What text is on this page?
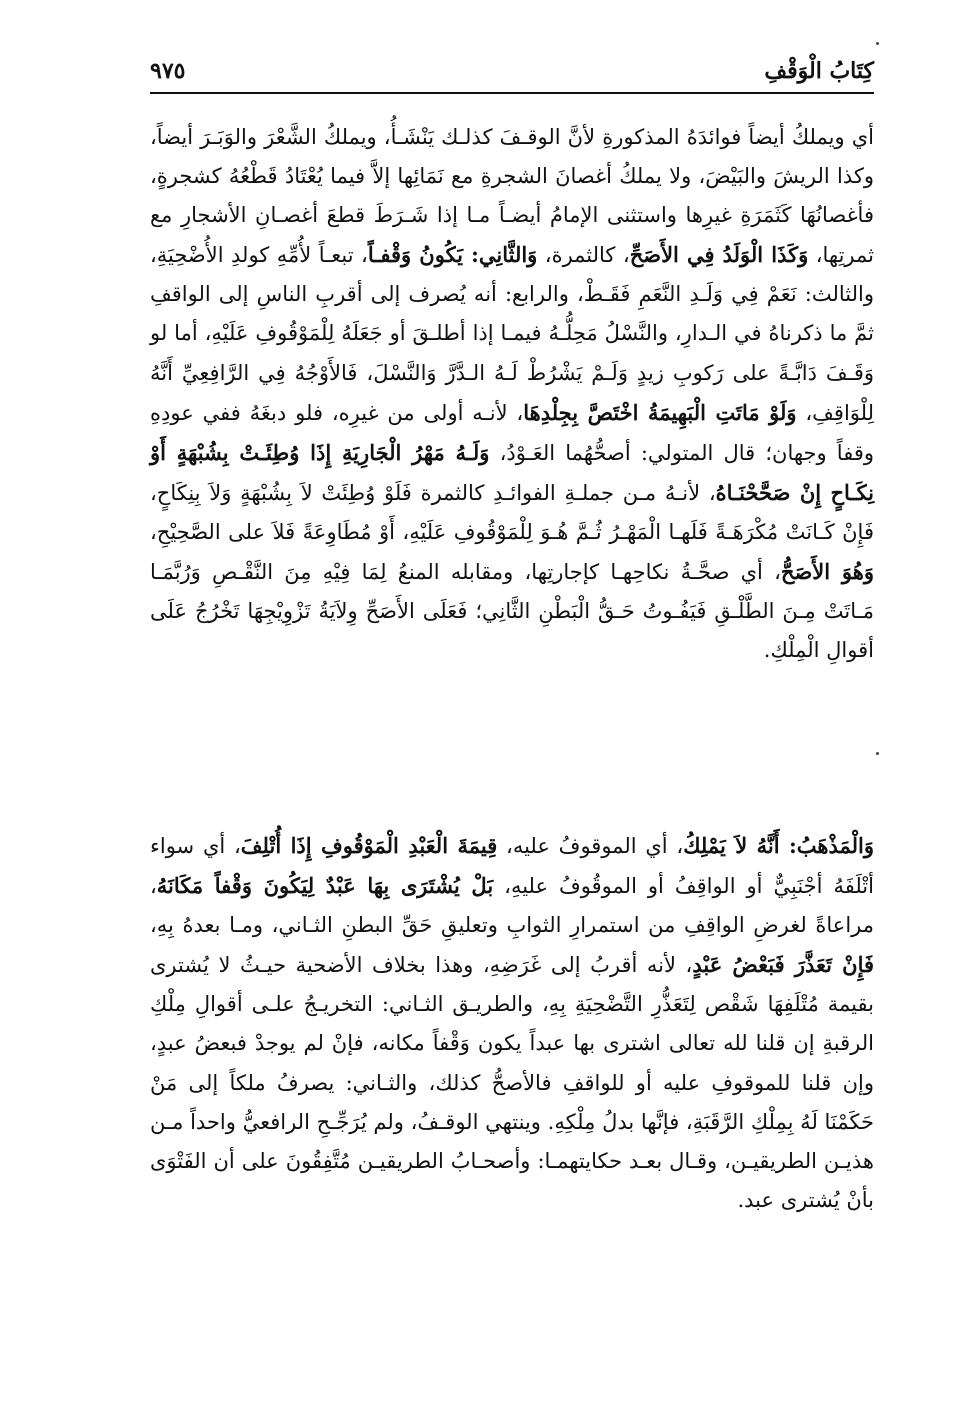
كِتَابُ الْوَقْفِ
٩٧٥
أي ويملكُ أيضاً فوائدَهُ المذكورةِ لأنَّ الوقـفَ كذلـك يَنْشَـأُ، ويملكُ الشَّعْرَ والوَبَـرَ أيضاً، وكذا الريشَ والبَيْضَ، ولا يملكُ أغصانَ الشجرةِ مع نَمَائِها إلاَّ فيما يُعْتَادُ قَطْعُهُ كشجرةٍ، فأغصانُهَا كَثَمَرَةِ غيرِها واستثنى الإمامُ أيضـاً مـا إذا شَـرَطَ قطعَ أغصـانِ الأشجارِ مع ثمرتِها، وَكَذَا الْوَلَدُ فِي الأَصَحِّ، كالثمرة، وَالثَّانِي: يَكُونُ وَقْفـاً، تبعـاً لأُمِّهِ كولدِ الأُضْحِيَةِ، والثالث: نَعَمْ فِي وَلَـدِ النَّعَمِ فَقَـطْ، والرابع: أنه يُصرف إلى أقربِ الناسِ إلى الواقفِ ثمَّ ما ذكرناهُ في الـدارِ، والنَّسْلُ مَحِلُّـهُ فيمـا إذا أطلـقَ أو جَعَلَهُ لِلْمَوْقُوفِ عَلَيْهِ، أما لو وَقَـفَ دَابَّـةً على رَكوبِ زيدٍ وَلَـمْ يَشْرُطْ لَـهُ الـدَّرَّ وَالنَّسْلَ، فَالأَوْجُهُ فِي الرَّافِعِيِّ أَنَّهُ لِلْوَاقِفِ، وَلَوْ مَاتَتِ الْبَهِيمَةُ اخْتَصَّ بِجِلْدِهَا، لأنـه أولى من غيرِه، فلو دبغَهُ ففي عودِهِ وقفاً وجهان؛ قال المتولي: أصحُّهُما العَـوْدُ، وَلَـهُ مَهْرُ الْجَارِيَةِ إِذَا وُطِئَـتْ بِشُبْهَةٍ أَوْ نِكَـاحٍ إِنْ صَحَّحْنَـاهُ، لأنـهُ مـن جملـةِ الفوائـدِ كالثمرة فَلَوْ وُطِئَتْ لاَ بِشُبْهَةٍ وَلاَ بِنِكَاحٍ، فَإِنْ كَـانَتْ مُكْرَهَـةً فَلَهـا الْمَهْـرُ ثُـمَّ هُـوَ لِلْمَوْقُوفِ عَلَيْهِ، أَوْ مُطَاوِعَةً فَلاَ على الصَّحِيْحِ، وَهُوَ الأَصَحُّ، أي صحَّـةُ نكاحِهـا كإجارتِها، ومقابله المنعُ لِمَا فِيْهِ مِنَ النَّقْـصِ وَرُبَّمَـا مَـاتَتْ مِـنَ الطَّلْـقِ فَيَفُـوتُ حَـقُّ الْبَطْنِ الثَّانِي؛ فَعَلَى الأَصَحِّ وِلاَيَةُ تَزْوِيْجِهَا تَخْرُجُ عَلَى أقوالِ الْمِلْكِ.
وَالْمَذْهَبُ: أَنَّهُ لاَ يَمْلِكُ، أي الموقوفُ عليه، قِيمَةَ الْعَبْدِ الْمَوْقُوفِ إِذَا أُتْلِفَ، أي سواء أتْلَفَهُ أجْنَبِيٌّ أو الواقِفُ أو الموقُوفُ عليهِ، بَلْ يُشْتَرَى بِهَا عَبْدٌ لِيَكُونَ وَقْفاً مَكَانَهُ، مراعاةً لغرضِ الواقِفِ من استمرارِ الثوابِ وتعليقِ حَقِّ البطنِ الثـاني، ومـا بعدهُ بِهِ، فَإِنْ تَعَذَّرَ فَبَعْضُ عَبْدٍ، لأنه أقربُ إلى غَرَضِهِ، وهذا بخلاف الأضحية حيـثُ لا يُشترى بقيمة مُتْلَفِهَا شَقْص لِتَعَذُّرِ التَّضْحِيَةِ بِهِ، والطريـق الثـاني: التخريـجُ علـى أقوالِ مِلْكِ الرقبةِ إن قلنا لله تعالى اشترى بها عبداً يكون وَقْفاً مكانه، فإنْ لم يوجدْ فبعضُ عبدٍ، وإن قلنا للموقوفِ عليه أو للواقفِ فالأصحُّ كذلك، والثـاني: يصرفُ ملكاً إلى مَنْ حَكَمْنَا لَهُ بِمِلْكِ الرَّقَبَةِ، فإنَّها بدلُ مِلْكِهِ. وينتهي الوقـفُ، ولم يُرَجِّـحِ الرافعيُّ واحداً مـن هذيـن الطريقيـن، وقـال بعـد حكايتهمـا: وأصحـابُ الطريقيـن مُتَّفِقُونَ على أن الفَتْوَى بأنْ يُشترى عبد.
